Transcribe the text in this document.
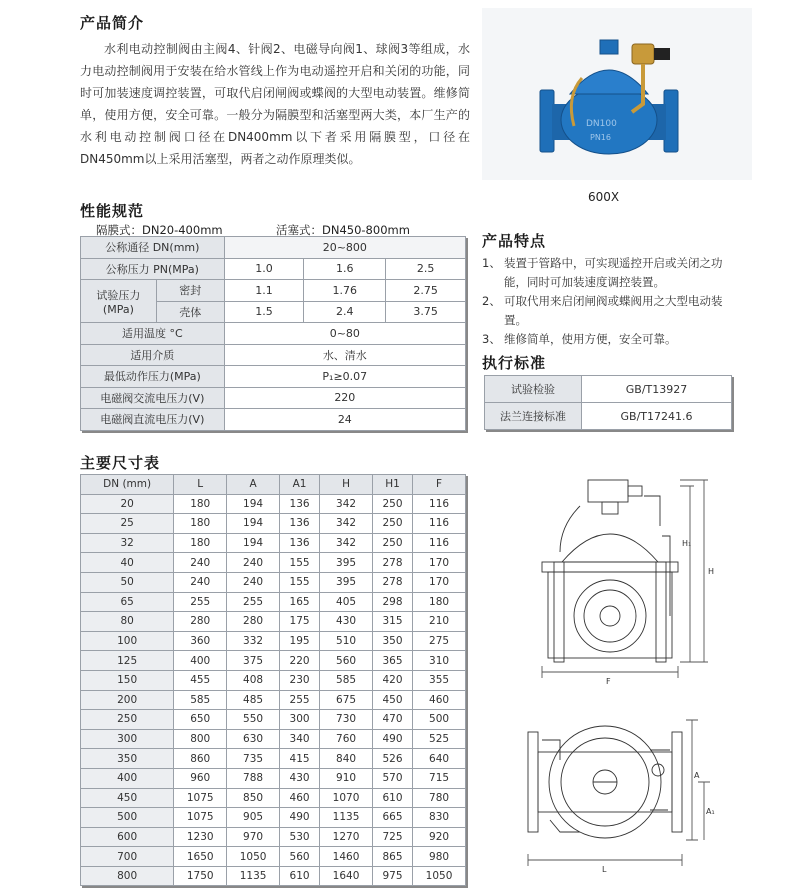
产品简介

水利电动控制阀由主阀4、针阀2、电磁导向阀1、球阀3等组成，水力电动控制阀用于安装在给水管线上作为电动遥控开启和关闭的功能，同时可加装速度调控装置，可取代启闭闸阀或蝶阀的大型电动装置。维修简单，使用方便，安全可靠。一般分为隔膜型和活塞型两大类，本厂生产的水利电动控制阀口径在DN400mm以下者采用隔膜型，口径在DN450mm以上采用活塞型，两者之动作原理类似。

DN100
PN16
600X
性能规范
隔膜式：DN20-400mm	活塞式：DN450-800mm
公称通径 DN(mm)		20~800		
公称压力 PN(MPa)		1.0	1.6	2.5
试验压力
(MPa)	密封	1.1	1.76	2.75
	壳体	1.5	2.4	3.75
适用温度 °C		0~80		
适用介质		水、清水		
最低动作压力(MPa)		P₁≥0.07		
电磁阀交流电压力(V)		220		
电磁阀直流电压力(V)		24		
产品特点
1、 装置于管路中，可实现遥控开启或关闭之功能，同时可加装速度调控装置。
2、 可取代用来启闭闸阀或蝶阀用之大型电动装置。
3、 维修简单，使用方便，安全可靠。
执行标准
试验检验	GB/T13927
法兰连接标准	GB/T17241.6
主要尺寸表
DN (mm)	L	A	A1	H	H1	F
20	180	194	136	342	250	116
25	180	194	136	342	250	116
32	180	194	136	342	250	116
40	240	240	155	395	278	170
50	240	240	155	395	278	170
65	255	255	165	405	298	180
80	280	280	175	430	315	210
100	360	332	195	510	350	275
125	400	375	220	560	365	310
150	455	408	230	585	420	355
200	585	485	255	675	450	460
250	650	550	300	730	470	500
300	800	630	340	760	490	525
350	860	735	415	840	526	640
400	960	788	430	910	570	715
450	1075	850	460	1070	610	780
500	1075	905	490	1135	665	830
600	1230	970	530	1270	725	920
700	1650	1050	560	1460	865	980
800	1750	1135	610	1640	975	1050
H₁
H
F
A
A₁
L
